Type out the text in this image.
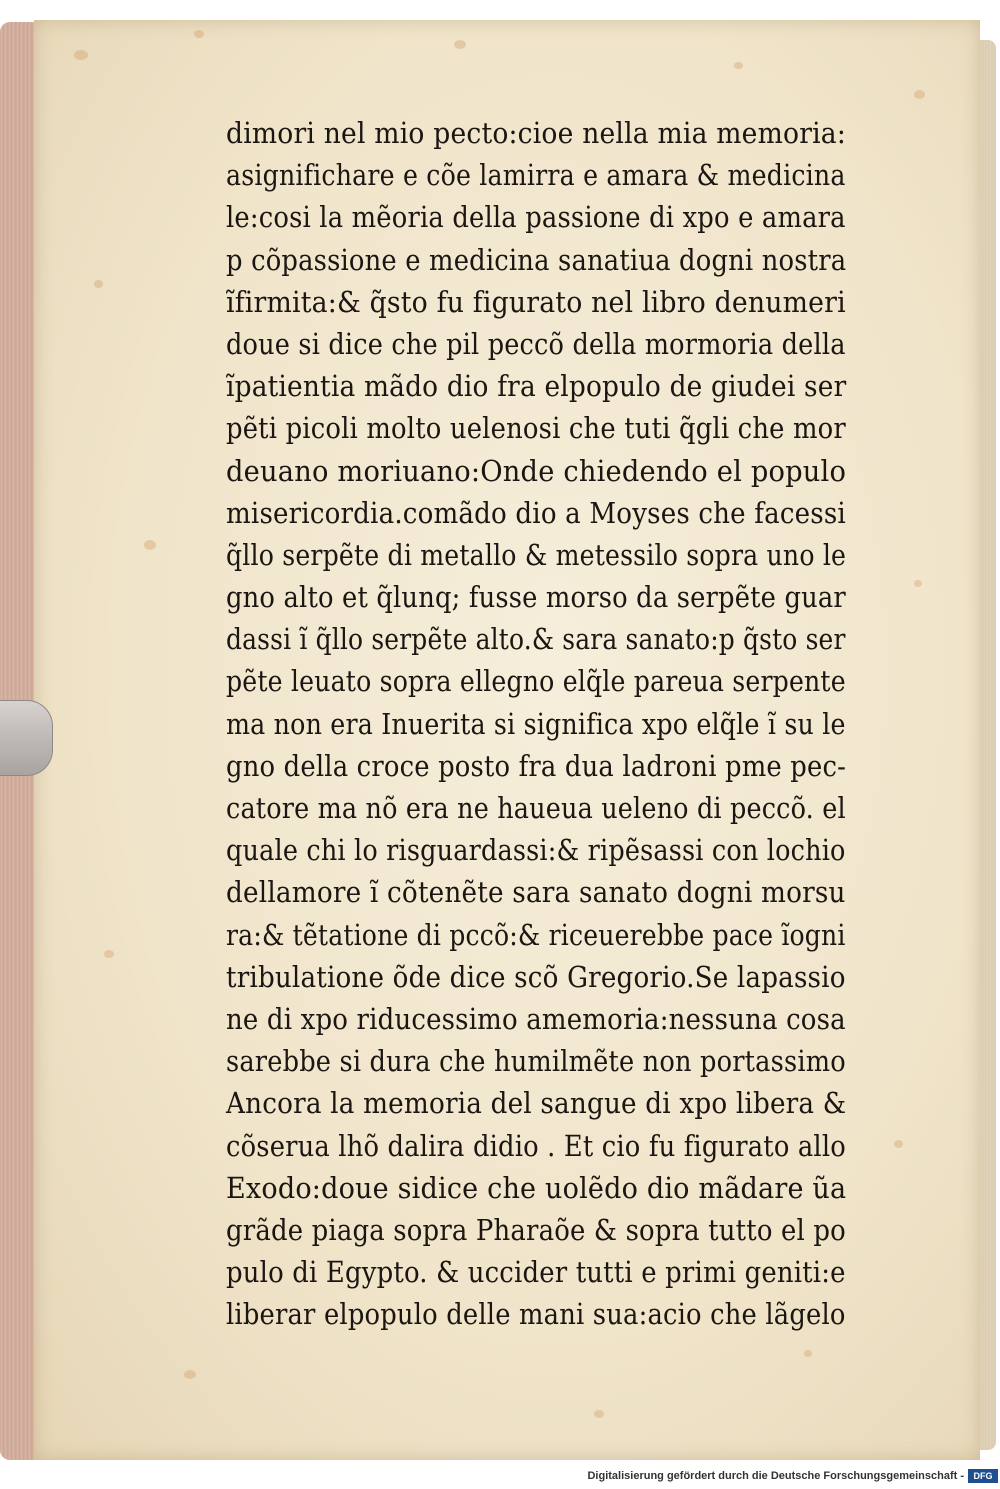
dimori nel mio pecto:cioe nella mia memoria:
asignifichare e cõe lamirra e amara & medicina
le:cosi la mẽoria della passione di xpo e amara
p cõpassione e medicina sanatiua dogni nostra
ĩfirmita:& q̃sto fu figurato nel libro denumeri
doue si dice che pil peccõ della mormoria della
ĩpatientia mãdo dio fra elpopulo de giudei ser
pẽti picoli molto uelenosi che tuti q̃gli che mor
deuano moriuano:Onde chiedendo el populo
misericordia.comãdo dio a Moyses che facessi
q̃llo serpẽte di metallo & metessilo sopra uno le
gno alto et q̃lunq; fusse morso da serpẽte guar
dassi ĩ q̃llo serpẽte alto.& sara sanato:p q̃sto ser
pẽte leuato sopra ellegno elq̃le pareua serpente
ma non era Inuerita si significa xpo elq̃le ĩ su le
gno della croce posto fra dua ladroni pme pec-
catore ma nõ era ne haueua ueleno di peccõ. el
quale chi lo risguardassi:& ripẽsassi con lochio
dellamore ĩ cõtenẽte sara sanato dogni morsu
ra:& tẽtatione di pccõ:& riceuerebbe pace ĩogni
tribulatione õde dice scõ Gregorio.Se lapassio
ne di xpo riducessimo amemoria:nessuna cosa
sarebbe si dura che humilmẽte non portassimo
Ancora la memoria del sangue di xpo libera &
cõserua lhõ dalira didio . Et cio fu figurato allo
Exodo:doue sidice che uolẽdo dio mãdare ũa
grãde piaga sopra Pharaõe & sopra tutto el po
pulo di Egypto. & uccider tutti e primi geniti:e
liberar elpopulo delle mani sua:acio che lãgelo
Digitalisierung gefördert durch die Deutsche Forschungsgemeinschaft -	DFG
